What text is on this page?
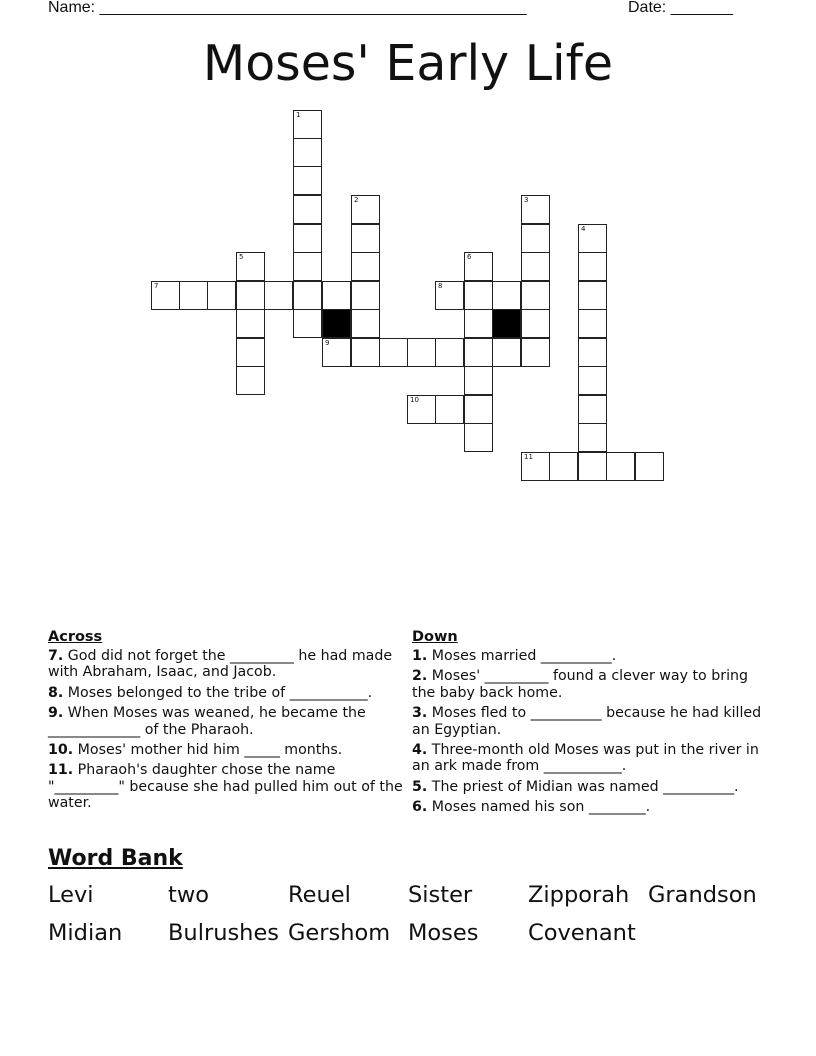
Name: ________________________________________________	Date: _______
Moses' Early Life
1
2	3
4
5	6
7	8
9
10
11
Across
7. God did not forget the _________ he had made with Abraham, Isaac, and Jacob.
8. Moses belonged to the tribe of ___________.
9. When Moses was weaned, he became the _____________ of the Pharaoh.
10. Moses' mother hid him _____ months.
11. Pharaoh's daughter chose the name "_________" because she had pulled him out of the water.
Down
1. Moses married __________.
2. Moses' _________ found a clever way to bring the baby back home.
3. Moses fled to __________ because he had killed an Egyptian.
4. Three-month old Moses was put in the river in an ark made from ___________.
5. The priest of Midian was named __________.
6. Moses named his son ________.
Word Bank
Levi	two	Reuel	Sister Zipporah Grandson
Midian Bulrushes Gershom Moses Covenant
